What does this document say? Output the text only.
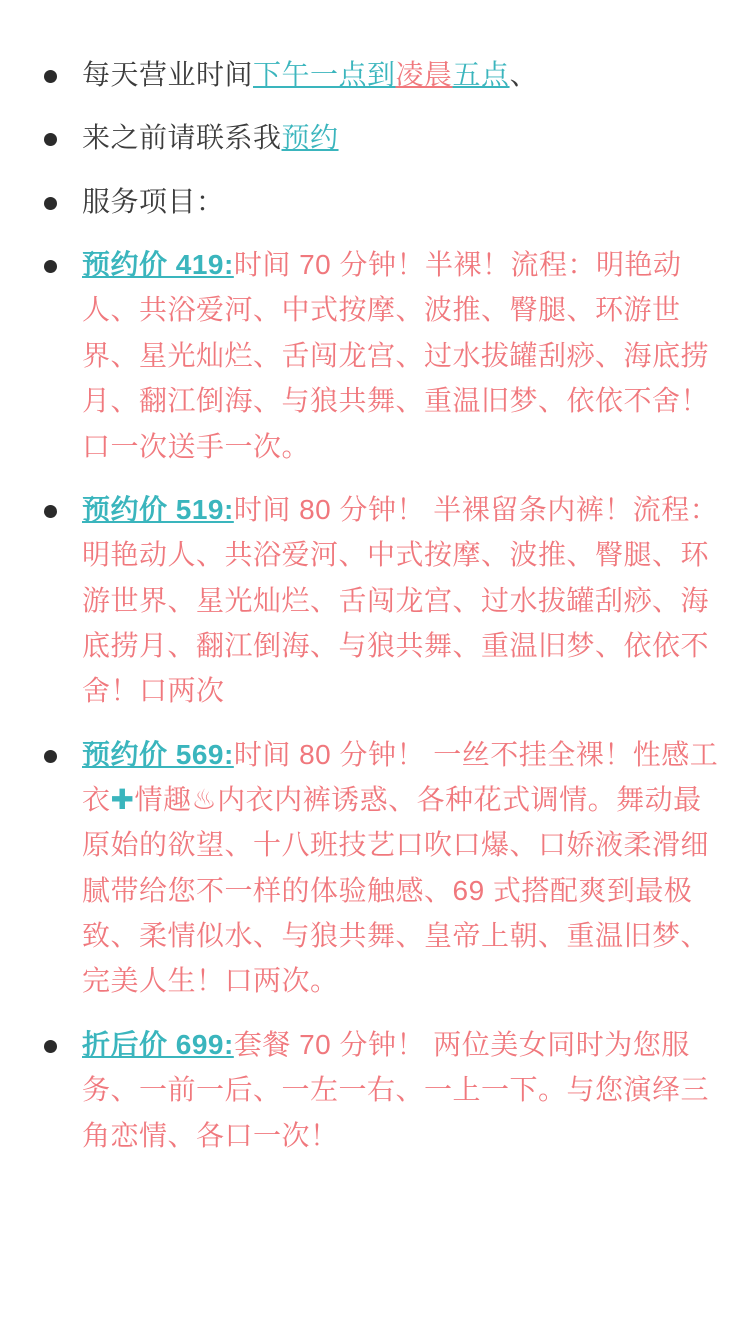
每天营业时间下午一点到凌晨五点、
来之前请联系我预约
服务项目：
预约价 419:时间 70 分钟！半裸！流程：明艳动人、共浴爱河、中式按摩、波推、臀腿、环游世界、星光灿烂、舌闯龙宫、过水拔罐刮痧、海底捞月、翻江倒海、与狼共舞、重温旧梦、依依不舍！口一次送手一次。
预约价 519:时间 80 分钟！ 半裸留条内裤！流程：明艳动人、共浴爱河、中式按摩、波推、臀腿、环游世界、星光灿烂、舌闯龙宫、过水拔罐刮痧、海底捞月、翻江倒海、与狼共舞、重温旧梦、依依不舍！口两次
预约价 569:时间 80 分钟！ 一丝不挂全裸！性感工衣✚情趣♨内衣内裤诱惑、各种花式调情。舞动最原始的欲望、十八班技艺口吹口爆、口娇液柔滑细腻带给您不一样的体验触感、69 式搭配爽到最极致、柔情似水、与狼共舞、皇帝上朝、重温旧梦、完美人生！口两次。
折后价 699:套餐 70 分钟！ 两位美女同时为您服务、一前一后、一左一右、一上一下。与您演绎三角恋情、各口一次！
